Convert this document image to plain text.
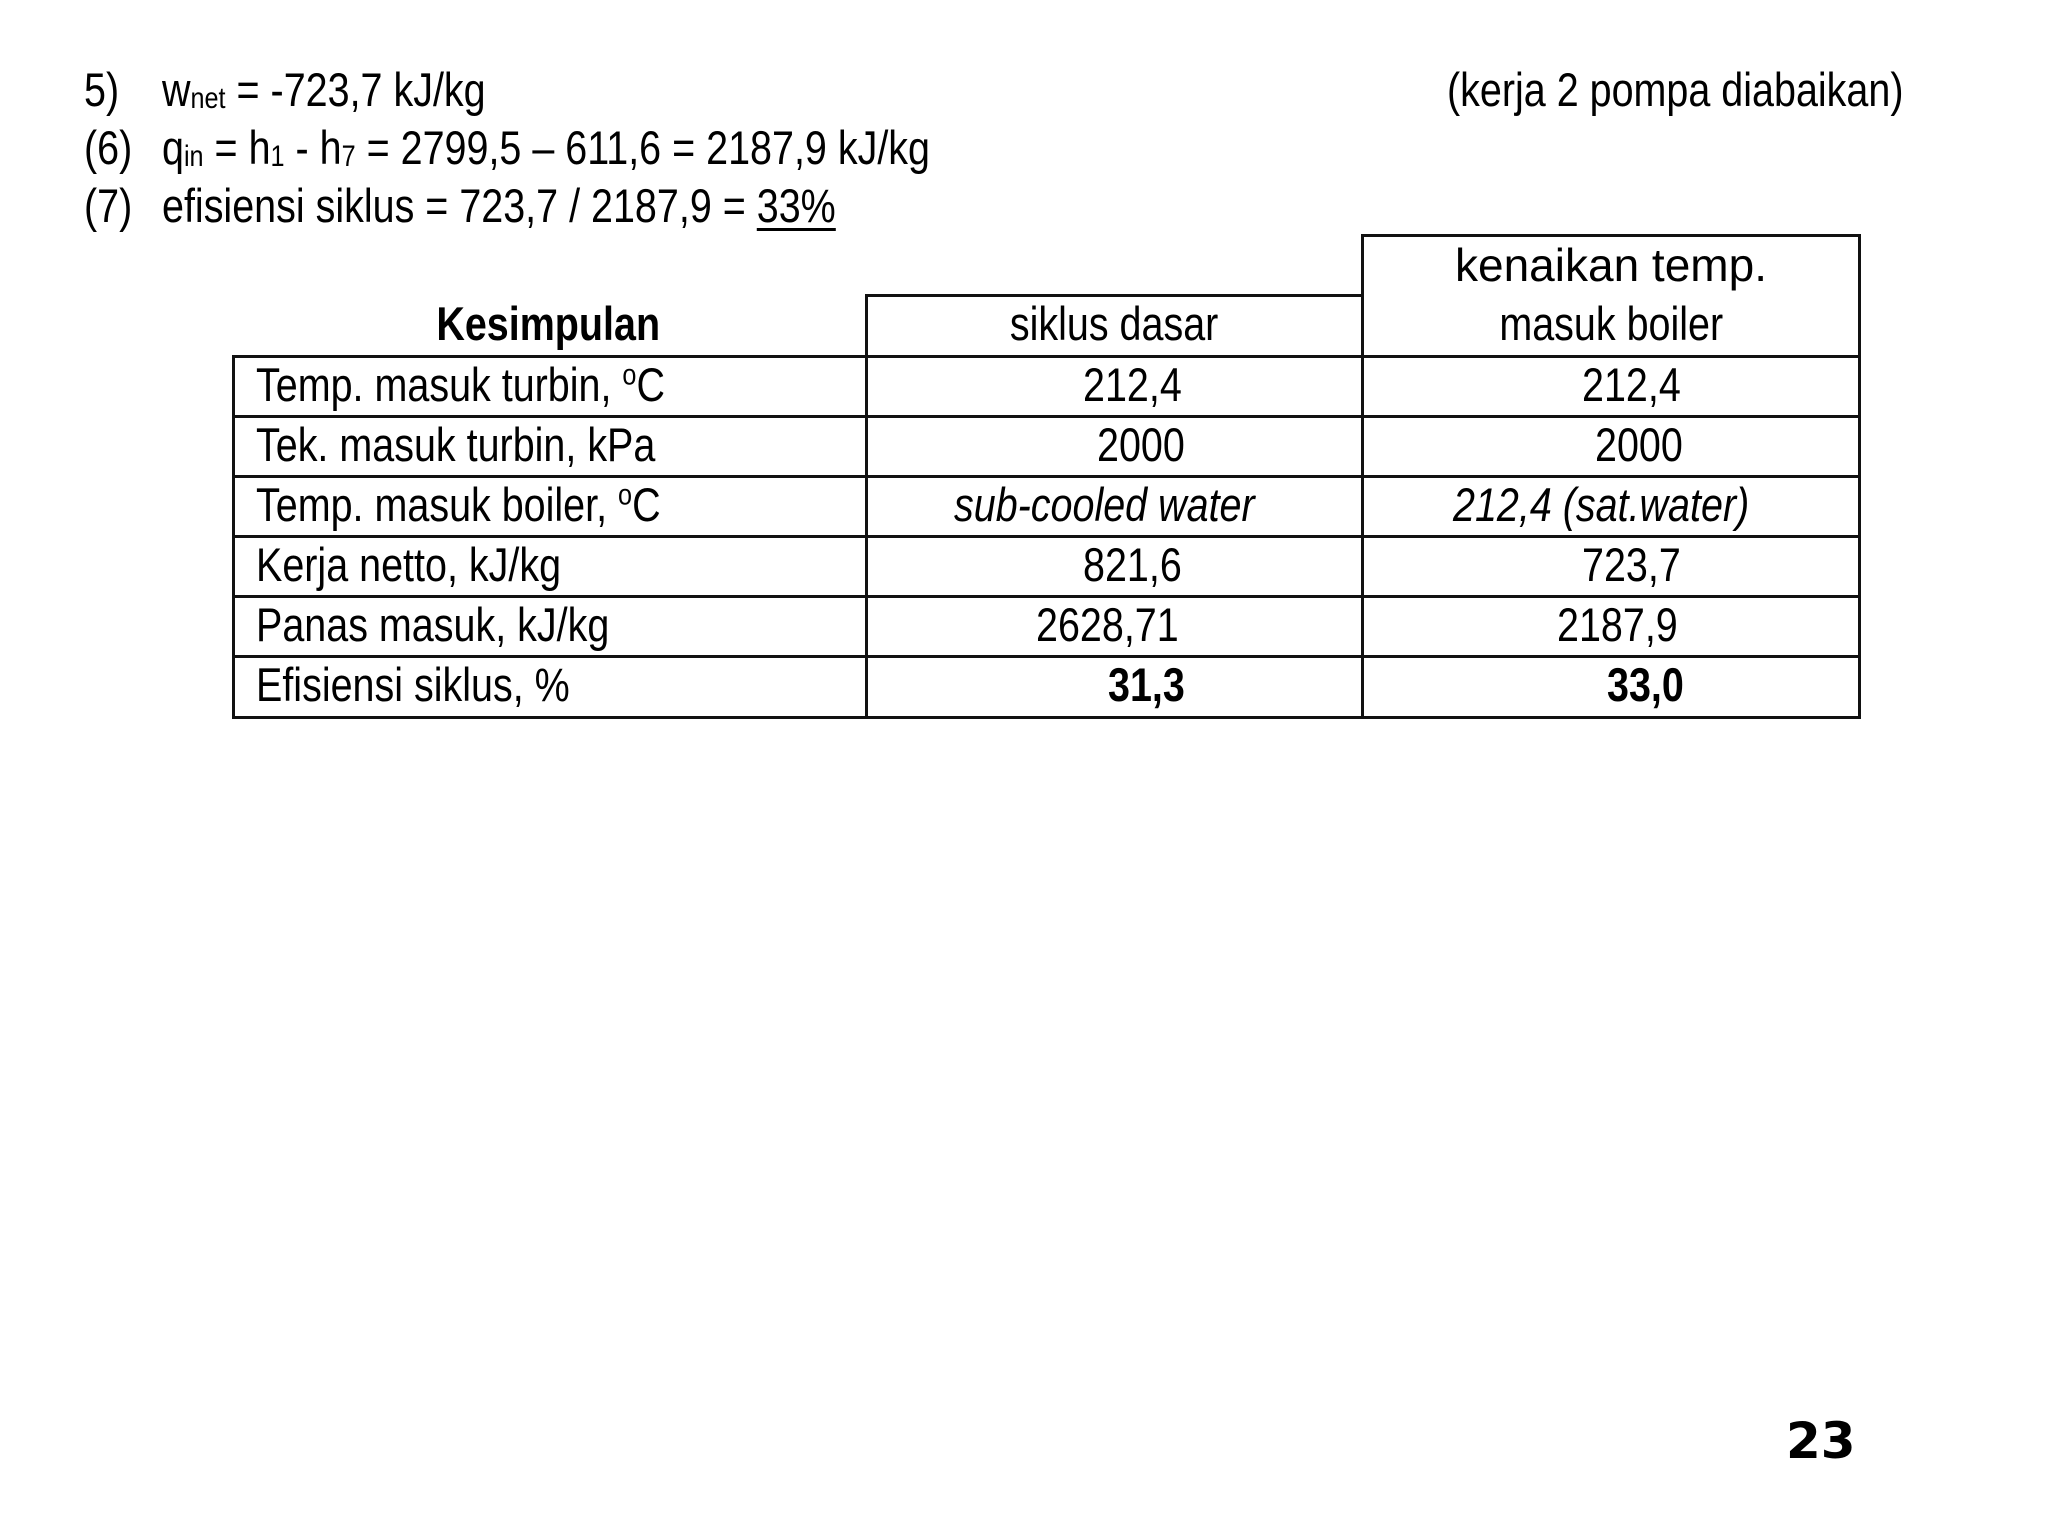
5) $w_{net} = -723,7$ kJ/kg	(kerja 2 pompa diabaikan)
(6) $q_{in} = h_1 - h_7 = 2799,5 - 611,6 = 2187,9$ kJ/kg
(7) efisiensi siklus = 723,7 / 2187,9 = 33%
Kesimpulan	siklus dasar
kenaikan temp.
masuk boiler
Temp. masuk turbin, $^o$C	212,4	212,4
Tek. masuk turbin, kPa	2000	2000
Temp. masuk boiler, $^o$C	sub-cooled water	212,4 (sat.water)
Kerja netto, kJ/kg	821,6	723,7
Panas masuk, kJ/kg	2628,71	2187,9
Efisiensi siklus, %	31,3	33,0
23
